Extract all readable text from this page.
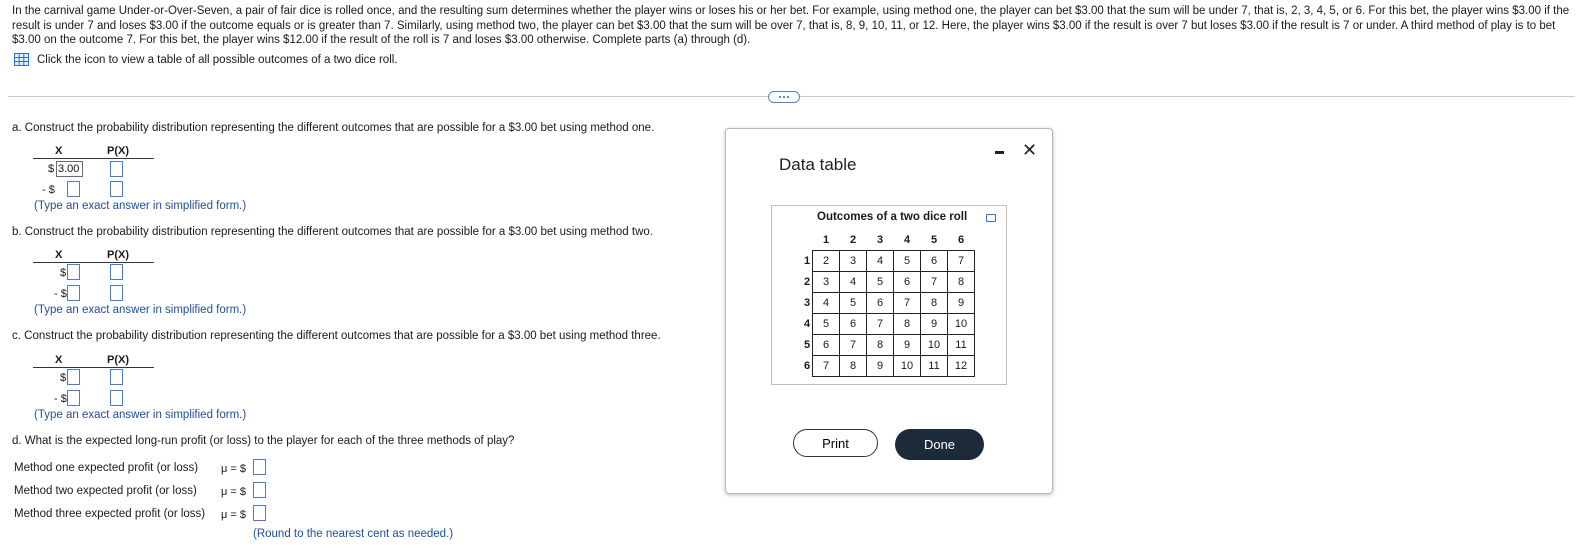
In the carnival game Under-or-Over-Seven, a pair of fair dice is rolled once, and the resulting sum determines whether the player wins or loses his or her bet. For example, using method one, the player can bet $3.00 that the sum will be under 7, that is, 2, 3, 4, 5, or 6. For this bet, the player wins $3.00 if the result is under 7 and loses $3.00 if the outcome equals or is greater than 7. Similarly, using method two, the player can bet $3.00 that the sum will be over 7, that is, 8, 9, 10, 11, or 12. Here, the player wins $3.00 if the result is over 7 but loses $3.00 if the result is 7 or under. A third method of play is to bet $3.00 on the outcome 7. For this bet, the player wins $12.00 if the result of the roll is 7 and loses $3.00 otherwise. Complete parts (a) through (d).
Click the icon to view a table of all possible outcomes of a two dice roll.
a. Construct the probability distribution representing the different outcomes that are possible for a $3.00 bet using method one.
X	P(X)
$ 3.00
- $
(Type an exact answer in simplified form.)
b. Construct the probability distribution representing the different outcomes that are possible for a $3.00 bet using method two.
X	P(X)
$
- $
(Type an exact answer in simplified form.)
c. Construct the probability distribution representing the different outcomes that are possible for a $3.00 bet using method three.
X	P(X)
$
- $
(Type an exact answer in simplified form.)
d. What is the expected long-run profit (or loss) to the player for each of the three methods of play?
Method one expected profit (or loss) μ = $
Method two expected profit (or loss) μ = $
Method three expected profit (or loss) μ = $
(Round to the nearest cent as needed.)
Data table
✕
Outcomes of a two dice roll
	1	2	3	4	5	6
1	2	3	4	5	6	7
2	3	4	5	6	7	8
3	4	5	6	7	8	9
4	5	6	7	8	9	10
5	6	7	8	9	10	11
6	7	8	9	10	11	12
Print	Done
